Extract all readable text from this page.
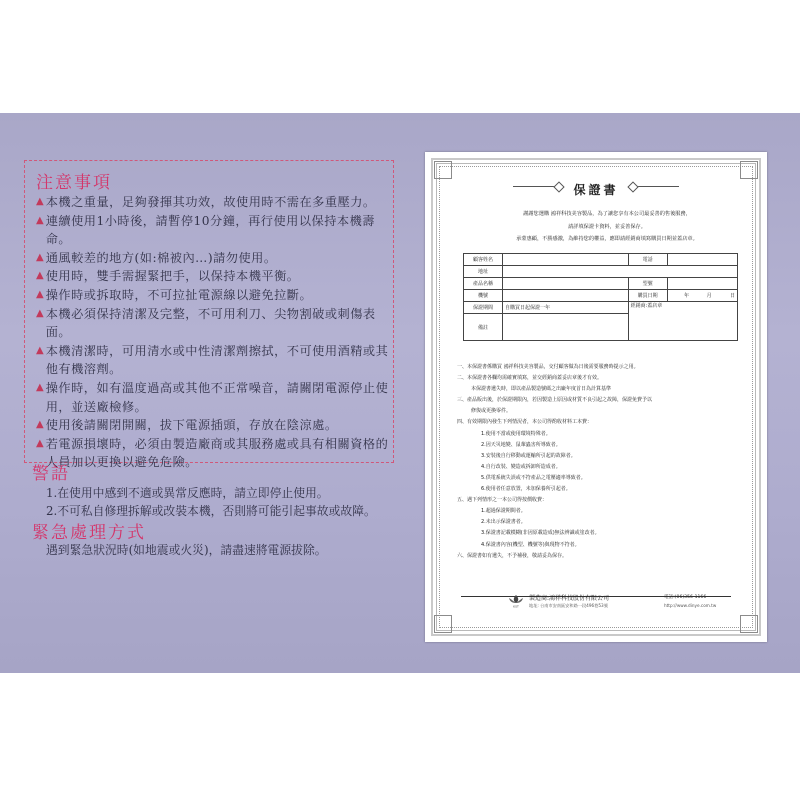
注意事項
▲ 本機之重量，足夠發揮其功效，故使用時不需在多重壓力。
▲ 連續使用1小時後，請暫停10分鐘，再行使用以保持本機壽命。
▲ 通風較差的地方(如:棉被內…)請勿使用。
▲ 使用時，雙手需握緊把手，以保持本機平衡。
▲ 操作時或拆取時，不可拉扯電源線以避免拉斷。
▲ 本機必須保持清潔及完整，不可用利刀、尖物割破或刺傷表面。
▲ 本機清潔時，可用清水或中性清潔劑擦拭，不可使用酒精或其他有機溶劑。
▲ 操作時，如有溫度過高或其他不正常噪音，請關閉電源停止使用，並送廠檢修。
▲ 使用後請關閉開關，拔下電源插頭，存放在陰涼處。
▲ 若電源損壞時，必須由製造廠商或其服務處或具有相關資格的人員加以更換以避免危險。
警語
1.在使用中感到不適或異常反應時，請立即停止使用。
2.不可私自修理拆解或改裝本機，否則將可能引起事故或故障。
緊急處理方式

遇到緊急狀況時(如地震或火災)，請盡速將電源拔除。

保證書
謝謝您選購 鴻祥科技美容製品，為了讓您享有本公司最妥善的售後服務，
請詳填保證卡資料，並妥善保存。
承蒙惠顧，不勝感激，為維持您的權益，應即請經銷商填寫購買日期並蓋店章。
顧客姓名		電話			
地址					
產品名稱		型號			
機號		購買日期	年	月	日
保證期間	自購買日起保證一年	經銷商:蓋店章			
備註					
一、本保證書係購買 鴻祥科技美容製品，交付顧客做為日後需要服務時提示之用。
二、本保證書各欄均需確實填寫，並交經銷商蓋妥店章後才有效。
本保證書遺失時，即以產品製造號碼之出廠年度首日為計算基準
三、產品販出後，於保證期限內，若因製造上原因或材質不良引起之故障，保證免費予以
修復或更換零件。
四、有效期限內發生下列情況者，本公司得酌收材料工本費：
1.使用不當或使用環境特殊者。
2.因天災地變、鼠輩蟲害所導致者。
3.安裝後自行移動或運輸所引起的故障者。
4.自行改裝、變造或拆卸所造成者。
5.供電系統失誤或不符產品之電壓適率導致者。
6.使用者任意放置，未加保養所引起者。
五、遇下列情形之一本公司得按價收費：
1.超過保證期間者。
2.未出示保證書者。
3.保證書記載模糊(非因原載造成)無法辨識或塗改者。
4.保證書內容(機型、機號等)與現物不符者。
六、保證書如有遺失，不予補發，敬請妥為保存。
KST

製造商:鴻祥科技股份有限公司	電話:(06)356-1166

地址: 台南市安南區安和路一段496巷53號	http://www.dinye.com.tw
